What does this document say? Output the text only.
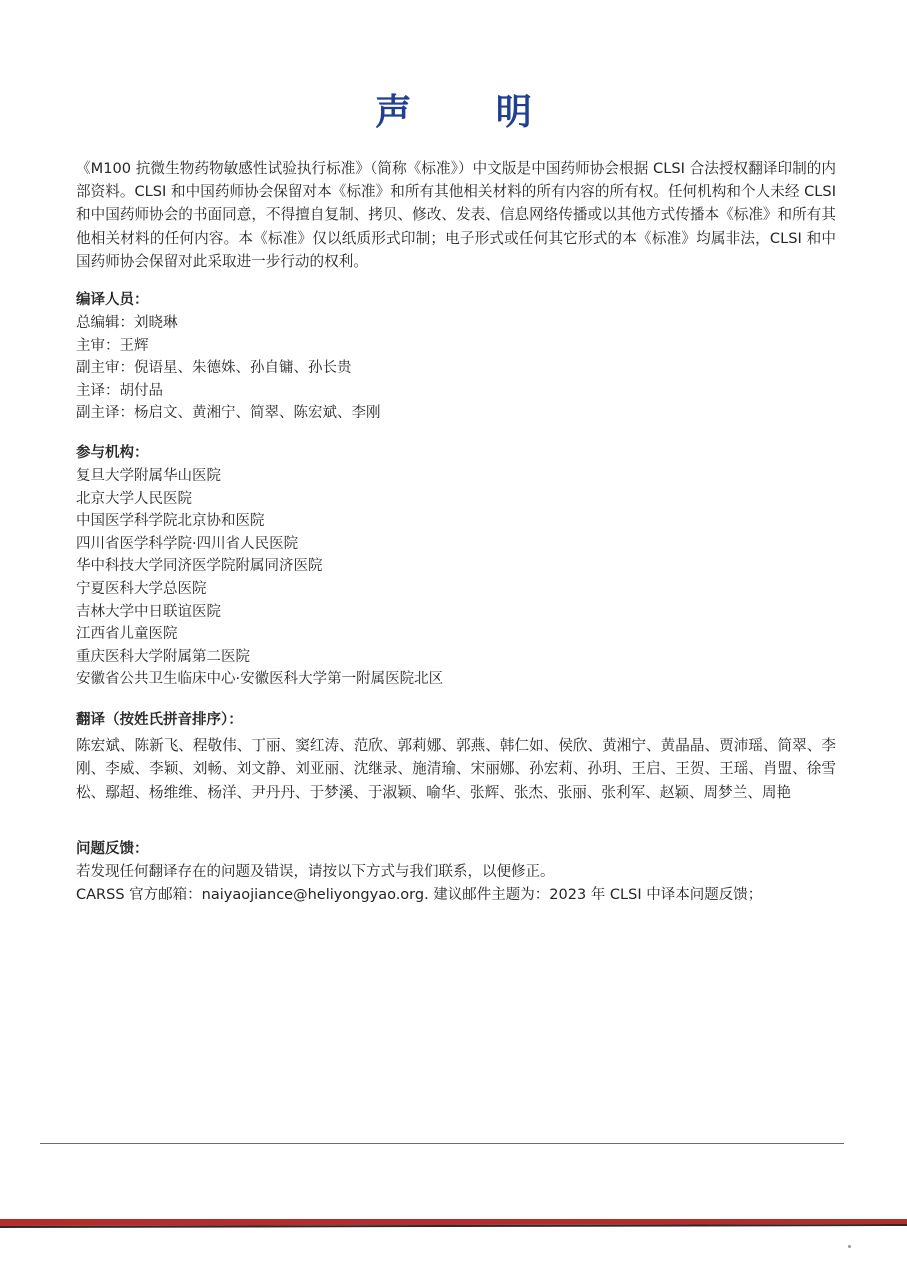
声 明

《M100 抗微生物药物敏感性试验执行标准》（简称《标准》）中文版是中国药师协会根据 CLSI 合法授权翻译印制的内部资料。CLSI 和中国药师协会保留对本《标准》和所有其他相关材料的所有内容的所有权。任何机构和个人未经 CLSI 和中国药师协会的书面同意，不得擅自复制、拷贝、修改、发表、信息网络传播或以其他方式传播本《标准》和所有其他相关材料的任何内容。本《标准》仅以纸质形式印制；电子形式或任何其它形式的本《标准》均属非法，CLSI 和中国药师协会保留对此采取进一步行动的权利。

编译人员：

总编辑：刘晓琳

主审：王辉

副主审：倪语星、朱德姝、孙自镛、孙长贵

主译：胡付品

副主译：杨启文、黄湘宁、简翠、陈宏斌、李刚

参与机构：

复旦大学附属华山医院

北京大学人民医院

中国医学科学院北京协和医院

四川省医学科学院·四川省人民医院

华中科技大学同济医学院附属同济医院

宁夏医科大学总医院

吉林大学中日联谊医院

江西省儿童医院

重庆医科大学附属第二医院

安徽省公共卫生临床中心·安徽医科大学第一附属医院北区

翻译（按姓氏拼音排序）：

陈宏斌、陈新飞、程敬伟、丁丽、窦红涛、范欣、郭莉娜、郭燕、韩仁如、侯欣、黄湘宁、黄晶晶、贾沛瑶、简翠、李刚、李威、李颖、刘畅、刘文静、刘亚丽、沈继录、施清瑜、宋丽娜、孙宏莉、孙玥、王启、王贺、王瑶、肖盟、徐雪松、鄢超、杨维维、杨洋、尹丹丹、于梦溪、于淑颖、喻华、张辉、张杰、张丽、张利军、赵颖、周梦兰、周艳

问题反馈：

若发现任何翻译存在的问题及错误，请按以下方式与我们联系，以便修正。

CARSS 官方邮箱：naiyaojiance@heliyongyao.org. 建议邮件主题为：2023 年 CLSI 中译本问题反馈；
